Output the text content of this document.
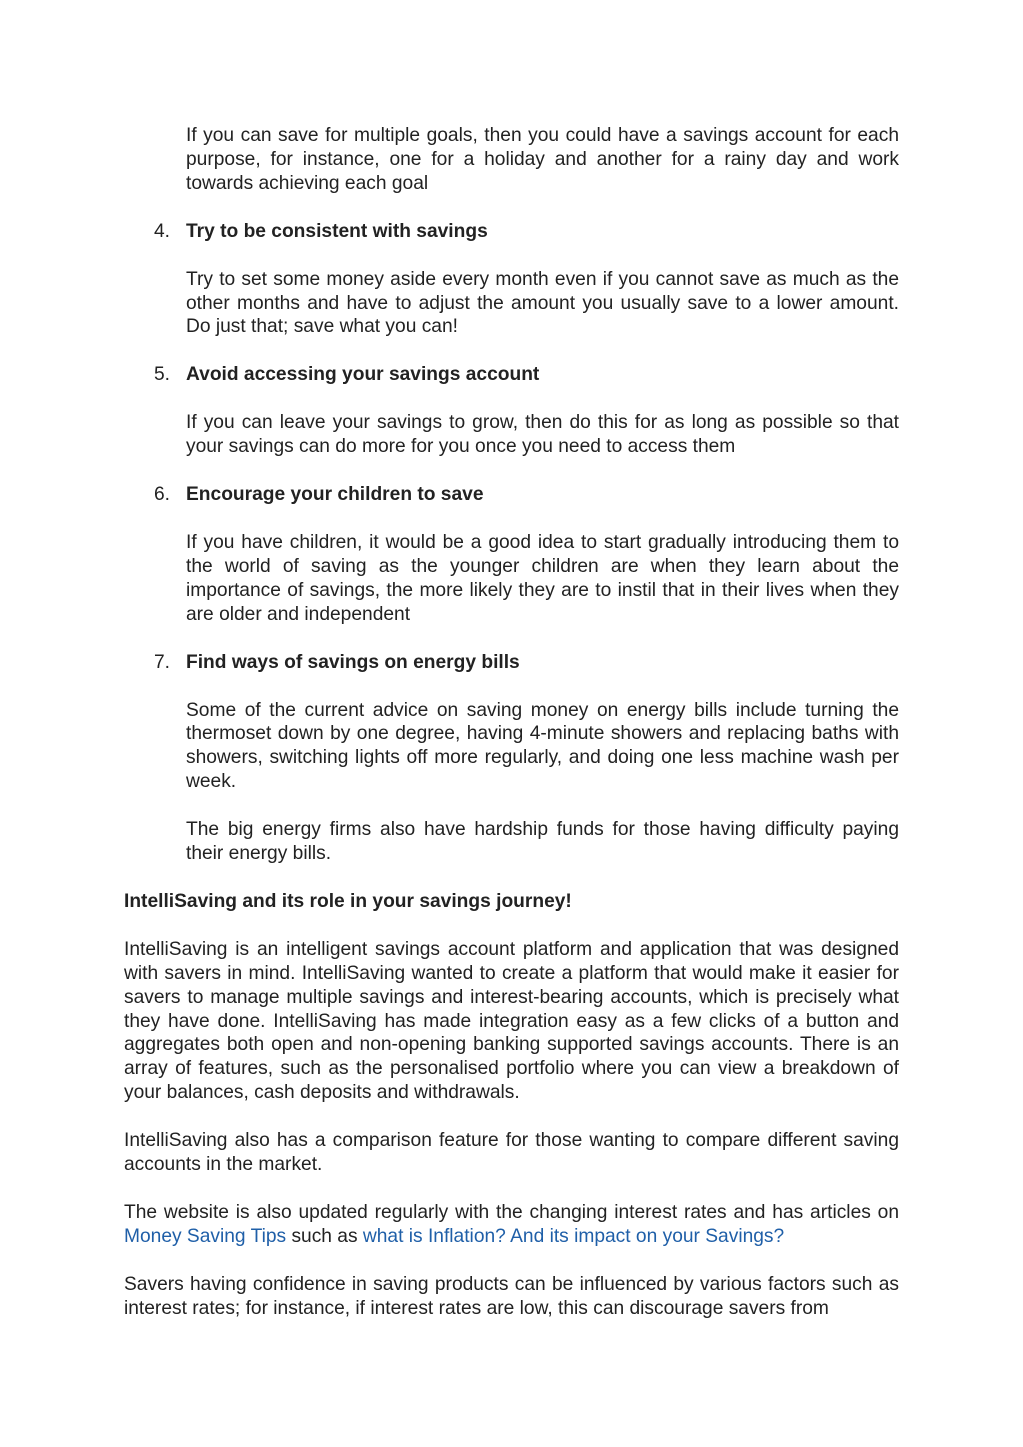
If you can save for multiple goals, then you could have a savings account for each purpose, for instance, one for a holiday and another for a rainy day and work towards achieving each goal

4. Try to be consistent with savings

Try to set some money aside every month even if you cannot save as much as the other months and have to adjust the amount you usually save to a lower amount. Do just that; save what you can!

5. Avoid accessing your savings account

If you can leave your savings to grow, then do this for as long as possible so that your savings can do more for you once you need to access them

6. Encourage your children to save

If you have children, it would be a good idea to start gradually introducing them to the world of saving as the younger children are when they learn about the importance of savings, the more likely they are to instil that in their lives when they are older and independent

7. Find ways of savings on energy bills

Some of the current advice on saving money on energy bills include turning the thermoset down by one degree, having 4-minute showers and replacing baths with showers, switching lights off more regularly, and doing one less machine wash per week.

The big energy firms also have hardship funds for those having difficulty paying their energy bills.

IntelliSaving and its role in your savings journey!

IntelliSaving is an intelligent savings account platform and application that was designed with savers in mind. IntelliSaving wanted to create a platform that would make it easier for savers to manage multiple savings and interest-bearing accounts, which is precisely what they have done. IntelliSaving has made integration easy as a few clicks of a button and aggregates both open and non-opening banking supported savings accounts. There is an array of features, such as the personalised portfolio where you can view a breakdown of your balances, cash deposits and withdrawals.

IntelliSaving also has a comparison feature for those wanting to compare different saving accounts in the market.

The website is also updated regularly with the changing interest rates and has articles on Money Saving Tips such as what is Inflation? And its impact on your Savings?

Savers having confidence in saving products can be influenced by various factors such as interest rates; for instance, if interest rates are low, this can discourage savers from
